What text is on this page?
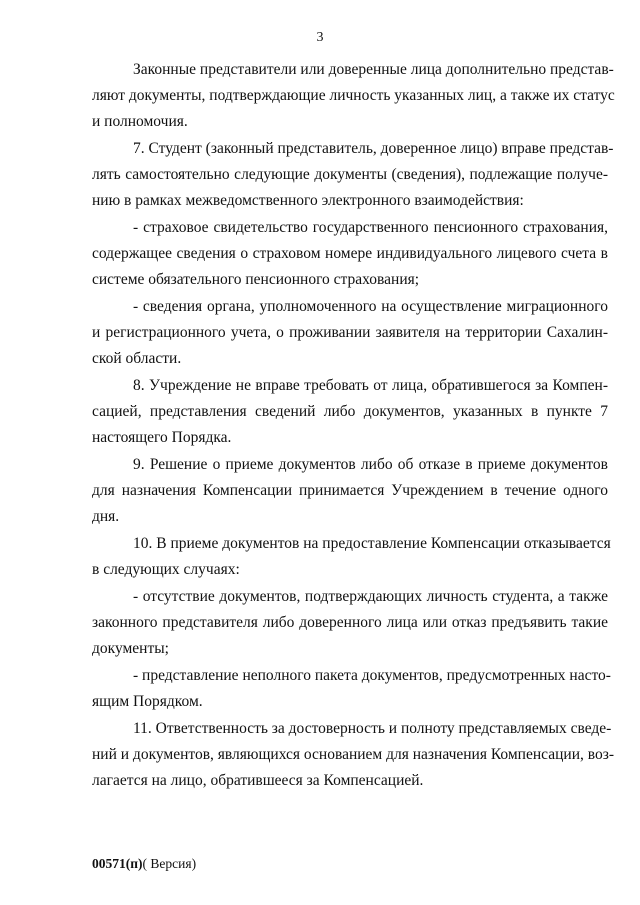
3
Законные представители или доверенные лица дополнительно представ-
ляют документы, подтверждающие личность указанных лиц, а также их статус
и полномочия.
7. Студент (законный представитель, доверенное лицо) вправе представ-
лять самостоятельно следующие документы (сведения), подлежащие получе-
нию в рамках межведомственного электронного взаимодействия:
- страховое свидетельство государственного пенсионного страхования,
содержащее сведения о страховом номере индивидуального лицевого счета в
системе обязательного пенсионного страхования;
- сведения органа, уполномоченного на осуществление миграционного
и регистрационного учета, о проживании заявителя на территории Сахалин-
ской области.
8. Учреждение не вправе требовать от лица, обратившегося за Компен-
сацией, представления сведений либо документов, указанных в пункте 7
настоящего Порядка.
9. Решение о приеме документов либо об отказе в приеме документов
для назначения Компенсации принимается Учреждением в течение одного
дня.
10. В приеме документов на предоставление Компенсации отказывается
в следующих случаях:
- отсутствие документов, подтверждающих личность студента, а также
законного представителя либо доверенного лица или отказ предъявить такие
документы;
- представление неполного пакета документов, предусмотренных насто-
ящим Порядком.
11. Ответственность за достоверность и полноту представляемых сведе-
ний и документов, являющихся основанием для назначения Компенсации, воз-
лагается на лицо, обратившееся за Компенсацией.
00571(п)( Версия)
